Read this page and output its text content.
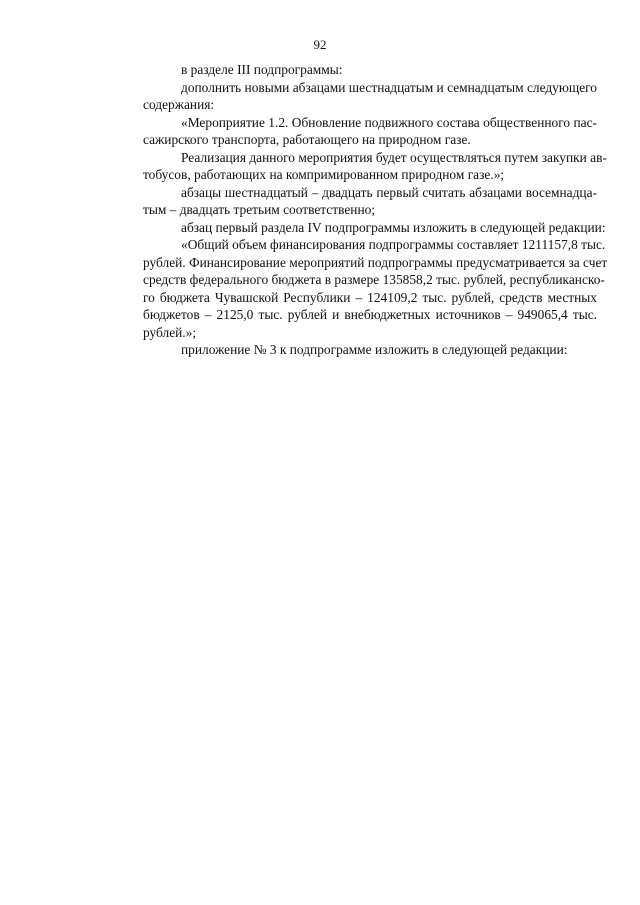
92

в разделе III подпрограммы:

дополнить новыми абзацами шестнадцатым и семнадцатым следующего
содержания:

«Мероприятие 1.2. Обновление подвижного состава общественного пас-
сажирского транспорта, работающего на природном газе.

Реализация данного мероприятия будет осуществляться путем закупки ав-
тобусов, работающих на компримированном природном газе.»;

абзацы шестнадцатый – двадцать первый считать абзацами восемнадца-
тым – двадцать третьим соответственно;

абзац первый раздела IV подпрограммы изложить в следующей редакции:

«Общий объем финансирования подпрограммы составляет 1211157,8 тыс.
рублей. Финансирование мероприятий подпрограммы предусматривается за счет
средств федерального бюджета в размере 135858,2 тыс. рублей, республиканско-
го бюджета Чувашской Республики – 124109,2 тыс. рублей, средств местных
бюджетов – 2125,0 тыс. рублей и внебюджетных источников – 949065,4 тыс.
рублей.»;

приложение № 3 к подпрограмме изложить в следующей редакции:
